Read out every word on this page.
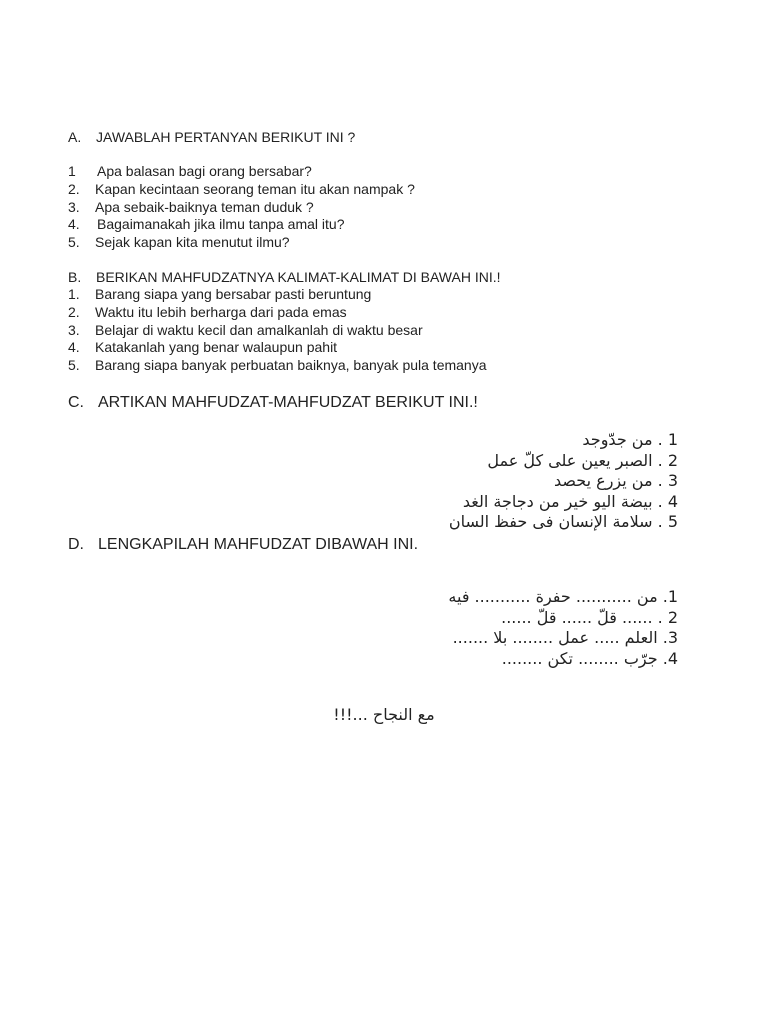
A. JAWABLAH PERTANYAN BERIKUT INI ?
1 Apa balasan bagi orang bersabar?
2. Kapan kecintaan seorang teman itu akan nampak ?
3. Apa sebaik-baiknya teman duduk ?
4. Bagaimanakah jika ilmu tanpa amal itu?
5. Sejak kapan kita menutut ilmu?
B. BERIKAN MAHFUDZATNYA KALIMAT-KALIMAT DI BAWAH INI.!
1. Barang siapa yang bersabar pasti beruntung
2. Waktu itu lebih berharga dari pada emas
3. Belajar di waktu kecil dan amalkanlah di waktu besar
4. Katakanlah yang benar walaupun pahit
5. Barang siapa banyak perbuatan baiknya, banyak pula temanya
C. ARTIKAN MAHFUDZAT-MAHFUDZAT BERIKUT INI.!
1 . من جدّوجد
2 . الصبر يعين على كلّ عمل
3 . من يزرع يحصد
4 . بيضة اليو خير من دجاجة الغد
5 . سلامة الإنسان فى حفظ السان
D. LENGKAPILAH MAHFUDZAT DIBAWAH INI.
1. من ........... حفرة ........... فيه
2 . ...... قلّ ...... قلّ ......
3. العلم ..... عمل ........ بلا .......
4. جرّب ........ تكن ........
مع النجاح ...!!!
